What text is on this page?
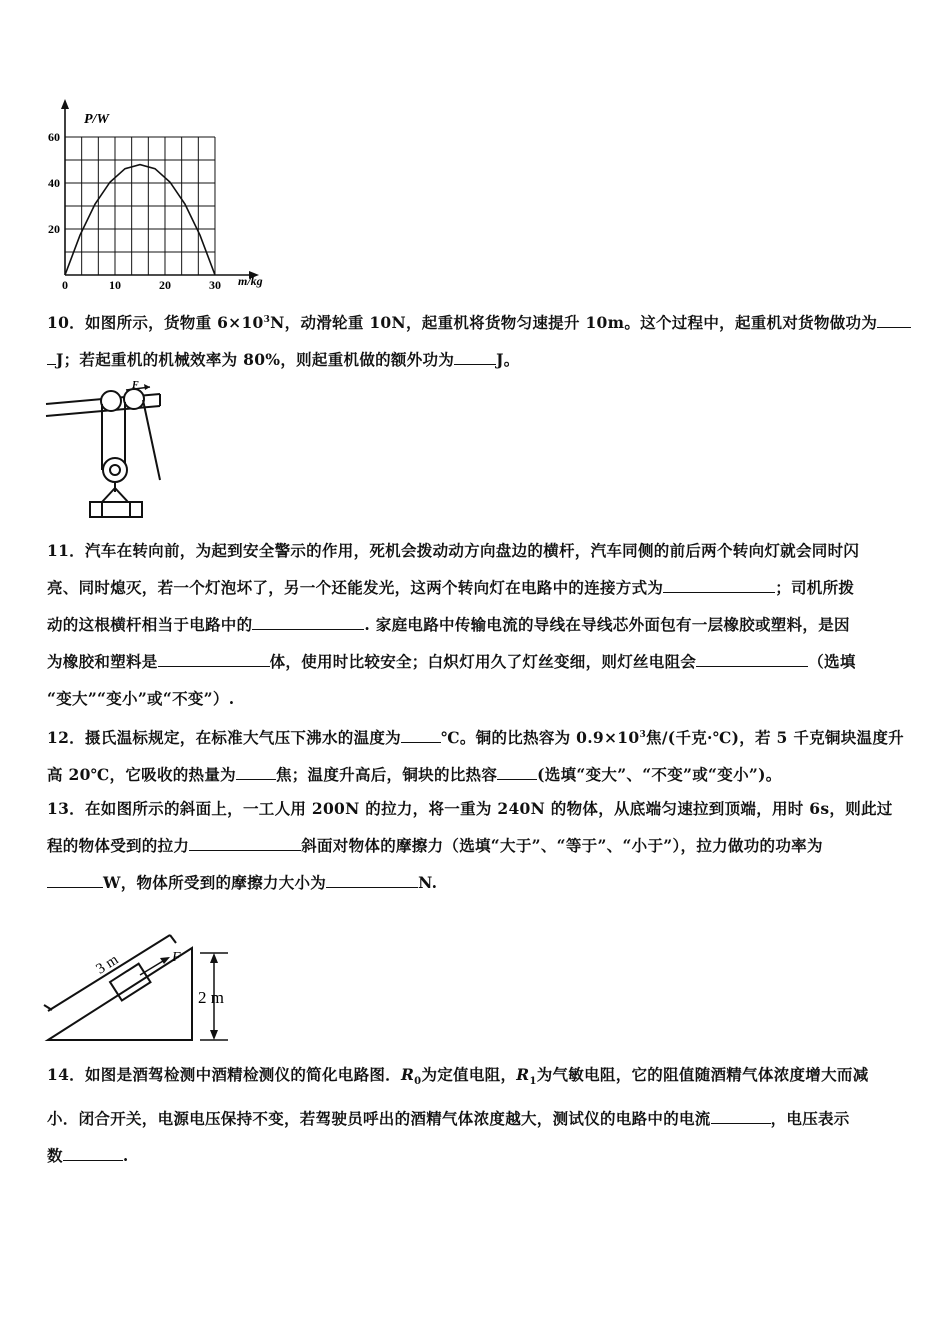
0	10	20	30
20
40
60
P/W
m/kg

10．如图所示，货物重 $6\times 10^3N$，动滑轮重 10N，起重机将货物匀速提升 10m。这个过程中，起重机对货物做功为

J；若起重机的机械效率为 80%，则起重机做的额外功为	J。

F

11．汽车在转向前，为起到安全警示的作用，死机会拨动动方向盘边的横杆，汽车同侧的前后两个转向灯就会同时闪

亮、同时熄灭，若一个灯泡坏了，另一个还能发光，这两个转向灯在电路中的连接方式为	；司机所拨

动的这根横杆相当于电路中的	. 家庭电路中传输电流的导线在导线芯外面包有一层橡胶或塑料，是因

为橡胶和塑料是	体，使用时比较安全；白炽灯用久了灯丝变细，则灯丝电阻会	（选填

“变大”“变小”或“不变”）.

12．摄氏温标规定，在标准大气压下沸水的温度为	℃。铜的比热容为 $0.9\times 10^3$焦/(千克·℃)，若 5 千克铜块温度升

高 20℃，它吸收的热量为	焦；温度升高后，铜块的比热容	(选填“变大”、“不变”或“变小”)。

13．在如图所示的斜面上，一工人用 200N 的拉力，将一重为 240N 的物体，从底端匀速拉到顶端，用时 6s，则此过

程的物体受到的拉力	斜面对物体的摩擦力（选填“大于”、“等于”、“小于”），拉力做功的功率为

W，物体所受到的摩擦力大小为	N.

3 m	F
2 m

14．如图是酒驾检测中酒精检测仪的简化电路图．$R_0$为定值电阻，$R_1$为气敏电阻，它的阻值随酒精气体浓度增大而减

小．闭合开关，电源电压保持不变，若驾驶员呼出的酒精气体浓度越大，测试仪的电路中的电流	，电压表示

数	.
